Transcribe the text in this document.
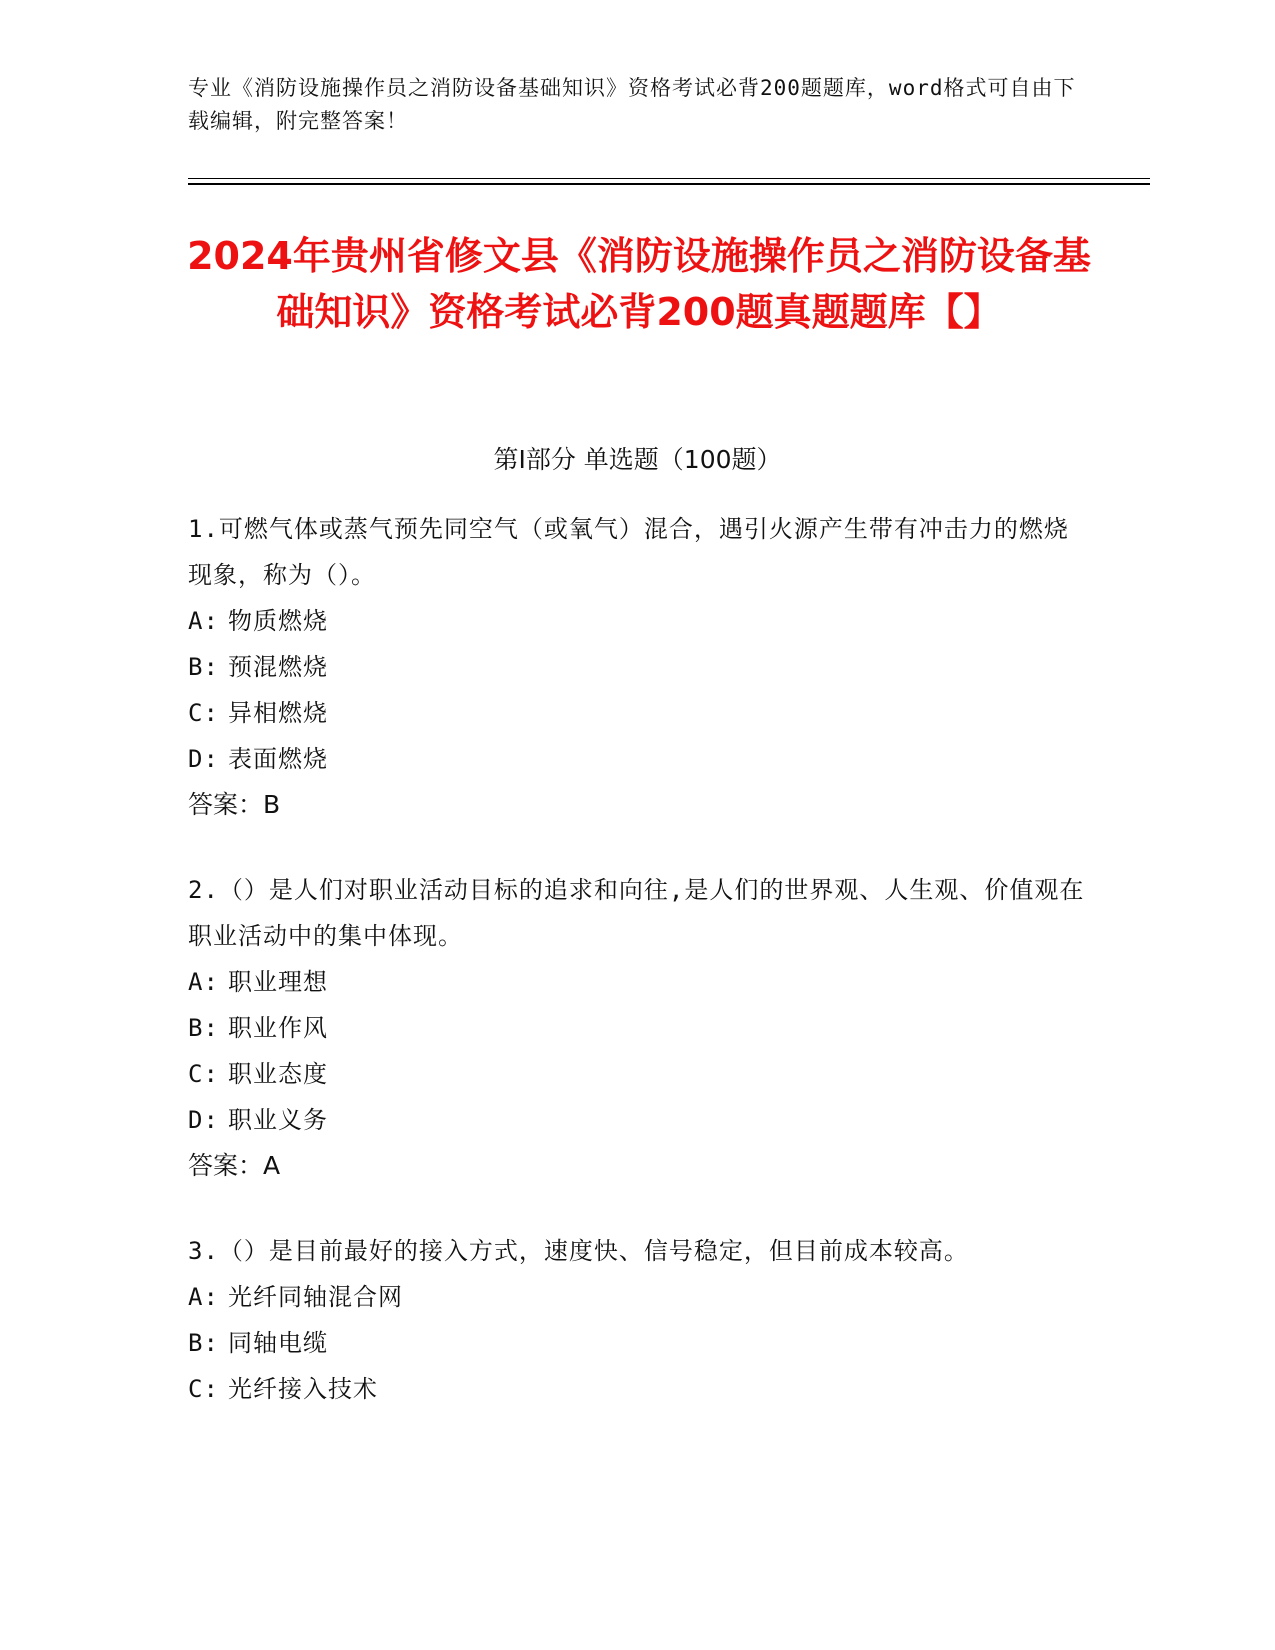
专业《消防设施操作员之消防设备基础知识》资格考试必背200题题库，word格式可自由下载编辑，附完整答案！
2024年贵州省修文县《消防设施操作员之消防设备基础知识》资格考试必背200题真题题库【】
第I部分 单选题（100题）

1.可燃气体或蒸气预先同空气（或氧气）混合，遇引火源产生带有冲击力的燃烧现象，称为（）。

A: 物质燃烧

B: 预混燃烧

C: 异相燃烧

D: 表面燃烧

答案：B

2.（）是人们对职业活动目标的追求和向往,是人们的世界观、人生观、价值观在职业活动中的集中体现。

A: 职业理想

B: 职业作风

C: 职业态度

D: 职业义务

答案：A

3.（）是目前最好的接入方式，速度快、信号稳定，但目前成本较高。

A: 光纤同轴混合网

B: 同轴电缆

C: 光纤接入技术
